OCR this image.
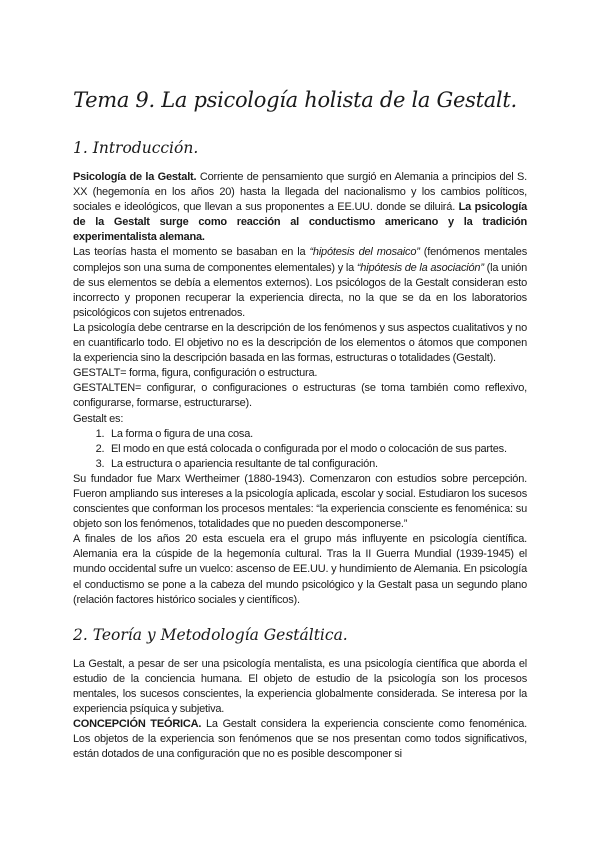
Tema 9. La psicología holista de la Gestalt.
1. Introducción.

Psicología de la Gestalt. Corriente de pensamiento que surgió en Alemania a principios del S. XX (hegemonía en los años 20) hasta la llegada del nacionalismo y los cambios políticos, sociales e ideológicos, que llevan a sus proponentes a EE.UU. donde se diluirá. La psicología de la Gestalt surge como reacción al conductismo americano y la tradición experimentalista alemana.

Las teorías hasta el momento se basaban en la “hipótesis del mosaico” (fenómenos mentales complejos son una suma de componentes elementales) y la “hipótesis de la asociación” (la unión de sus elementos se debía a elementos externos). Los psicólogos de la Gestalt consideran esto incorrecto y proponen recuperar la experiencia directa, no la que se da en los laboratorios psicológicos con sujetos entrenados.

La psicología debe centrarse en la descripción de los fenómenos y sus aspectos cualitativos y no en cuantificarlo todo. El objetivo no es la descripción de los elementos o átomos que componen la experiencia sino la descripción basada en las formas, estructuras o totalidades (Gestalt).

GESTALT= forma, figura, configuración o estructura.

GESTALTEN= configurar, o configuraciones o estructuras (se toma también como reflexivo, configurarse, formarse, estructurarse).

Gestalt es:

1. La forma o figura de una cosa.
2. El modo en que está colocada o configurada por el modo o colocación de sus partes.
3. La estructura o apariencia resultante de tal configuración.

Su fundador fue Marx Wertheimer (1880-1943). Comenzaron con estudios sobre percepción. Fueron ampliando sus intereses a la psicología aplicada, escolar y social. Estudiaron los sucesos conscientes que conforman los procesos mentales: “la experiencia consciente es fenoménica: su objeto son los fenómenos, totalidades que no pueden descomponerse.”

A finales de los años 20 esta escuela era el grupo más influyente en psicología científica. Alemania era la cúspide de la hegemonía cultural. Tras la II Guerra Mundial (1939-1945) el mundo occidental sufre un vuelco: ascenso de EE.UU. y hundimiento de Alemania. En psicología el conductismo se pone a la cabeza del mundo psicológico y la Gestalt pasa un segundo plano (relación factores histórico sociales y científicos).

2. Teoría y Metodología Gestáltica.

La Gestalt, a pesar de ser una psicología mentalista, es una psicología científica que aborda el estudio de la conciencia humana. El objeto de estudio de la psicología son los procesos mentales, los sucesos conscientes, la experiencia globalmente considerada. Se interesa por la experiencia psíquica y subjetiva.

CONCEPCIÓN TEÓRICA. La Gestalt considera la experiencia consciente como fenoménica. Los objetos de la experiencia son fenómenos que se nos presentan como todos significativos, están dotados de una configuración que no es posible descomponer si
